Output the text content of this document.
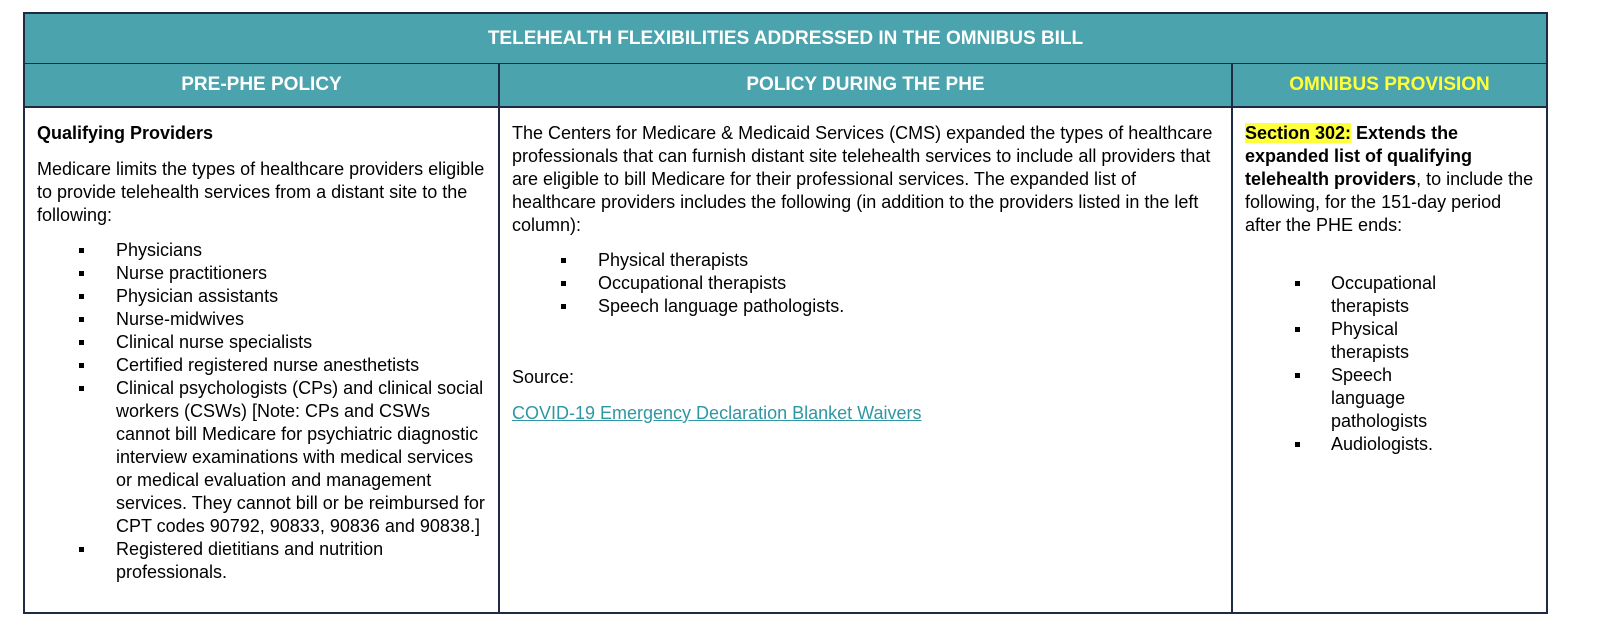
TELEHEALTH FLEXIBILITIES ADDRESSED IN THE OMNIBUS BILL
PRE-PHE POLICY	POLICY DURING THE PHE	OMNIBUS PROVISION

Qualifying Providers

Medicare limits the types of healthcare providers eligible to provide telehealth services from a distant site to the following:

Physicians
Nurse practitioners
Physician assistants
Nurse-midwives
Clinical nurse specialists
Certified registered nurse anesthetists
Clinical psychologists (CPs) and clinical social workers (CSWs) [Note: CPs and CSWs cannot bill Medicare for psychiatric diagnostic interview examinations with medical services or medical evaluation and management services. They cannot bill or be reimbursed for CPT codes 90792, 90833, 90836 and 90838.]
Registered dietitians and nutrition professionals.

The Centers for Medicare & Medicaid Services (CMS) expanded the types of healthcare professionals that can furnish distant site telehealth services to include all providers that are eligible to bill Medicare for their professional services. The expanded list of healthcare providers includes the following (in addition to the providers listed in the left column):

Physical therapists
Occupational therapists
Speech language pathologists.

Source:

COVID-19 Emergency Declaration Blanket Waivers

Section 302: Extends the expanded list of qualifying telehealth providers, to include the following, for the 151-day period after the PHE ends:

Occupational therapists
Physical therapists
Speech language pathologists
Audiologists.
